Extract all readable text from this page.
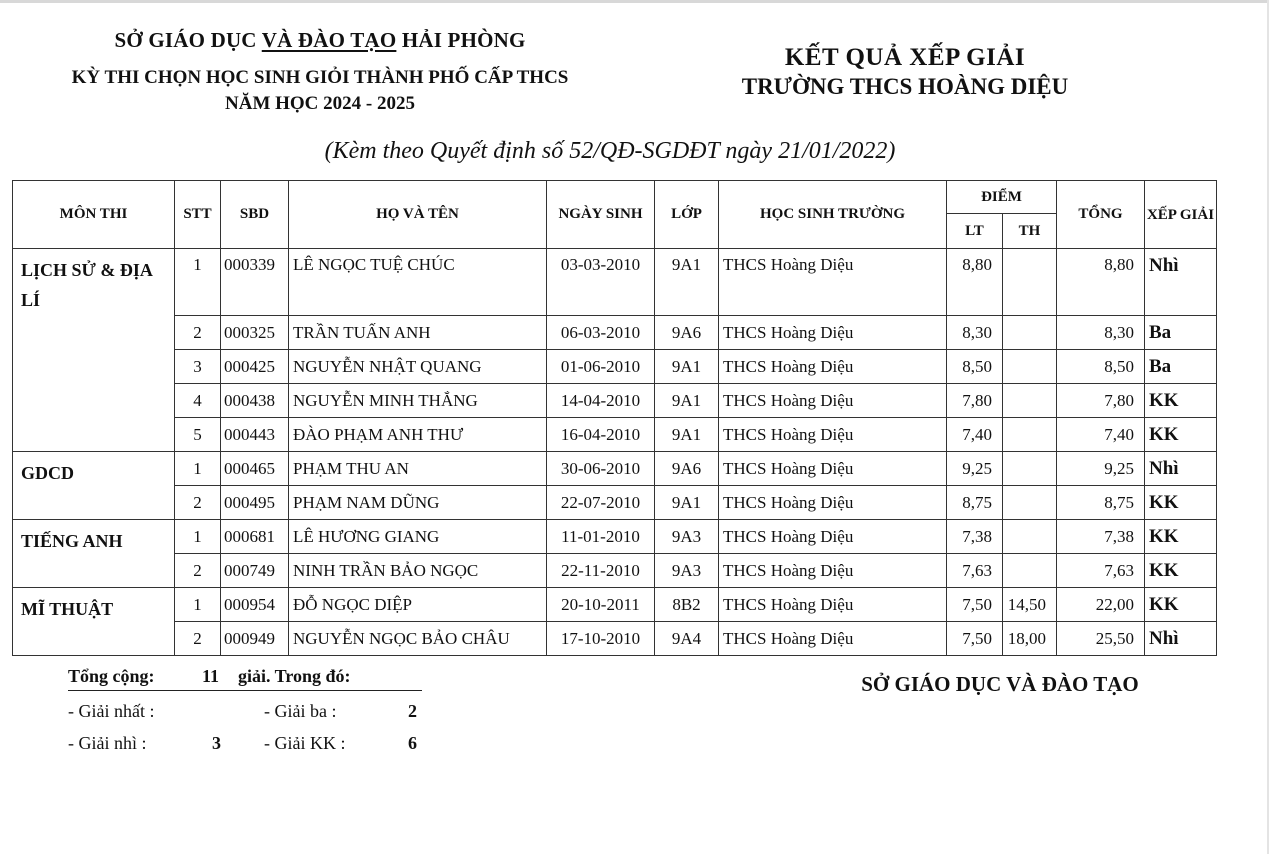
SỞ GIÁO DỤC VÀ ĐÀO TẠO HẢI PHÒNG
KỲ THI CHỌN HỌC SINH GIỎI THÀNH PHỐ CẤP THCS
NĂM HỌC 2024 - 2025
KẾT QUẢ XẾP GIẢI
TRƯỜNG THCS HOÀNG DIỆU
(Kèm theo Quyết định số 52/QĐ-SGDĐT ngày 21/01/2022)
MÔN THI	STT	SBD	HỌ VÀ TÊN	NGÀY SINH	LỚP	HỌC SINH TRƯỜNG	ĐIỂM		TỔNG	XẾP GIẢI
							LT	TH		
LỊCH SỬ & ĐỊA LÍ	1	000339	LÊ NGỌC TUỆ CHÚC	03-03-2010	9A1	THCS Hoàng Diệu	8,80		8,80	Nhì
	2	000325	TRẦN TUẤN ANH	06-03-2010	9A6	THCS Hoàng Diệu	8,30		8,30	Ba
	3	000425	NGUYỄN NHẬT QUANG	01-06-2010	9A1	THCS Hoàng Diệu	8,50		8,50	Ba
	4	000438	NGUYỄN MINH THẮNG	14-04-2010	9A1	THCS Hoàng Diệu	7,80		7,80	KK
	5	000443	ĐÀO PHẠM ANH THƯ	16-04-2010	9A1	THCS Hoàng Diệu	7,40		7,40	KK
GDCD	1	000465	PHẠM THU AN	30-06-2010	9A6	THCS Hoàng Diệu	9,25		9,25	Nhì
	2	000495	PHẠM NAM DŨNG	22-07-2010	9A1	THCS Hoàng Diệu	8,75		8,75	KK
TIẾNG ANH	1	000681	LÊ HƯƠNG GIANG	11-01-2010	9A3	THCS Hoàng Diệu	7,38		7,38	KK
	2	000749	NINH TRẦN BẢO NGỌC	22-11-2010	9A3	THCS Hoàng Diệu	7,63		7,63	KK
MĨ THUẬT	1	000954	ĐỖ NGỌC DIỆP	20-10-2011	8B2	THCS Hoàng Diệu	7,50	14,50	22,00	KK
	2	000949	NGUYỄN NGỌC BẢO CHÂU	17-10-2010	9A4	THCS Hoàng Diệu	7,50	18,00	25,50	Nhì
Tổng cộng:	11	giải. Trong đó:
- Giải nhất :	- Giải ba :	2
- Giải nhì :	3 - Giải KK :	6
SỞ GIÁO DỤC VÀ ĐÀO TẠO
